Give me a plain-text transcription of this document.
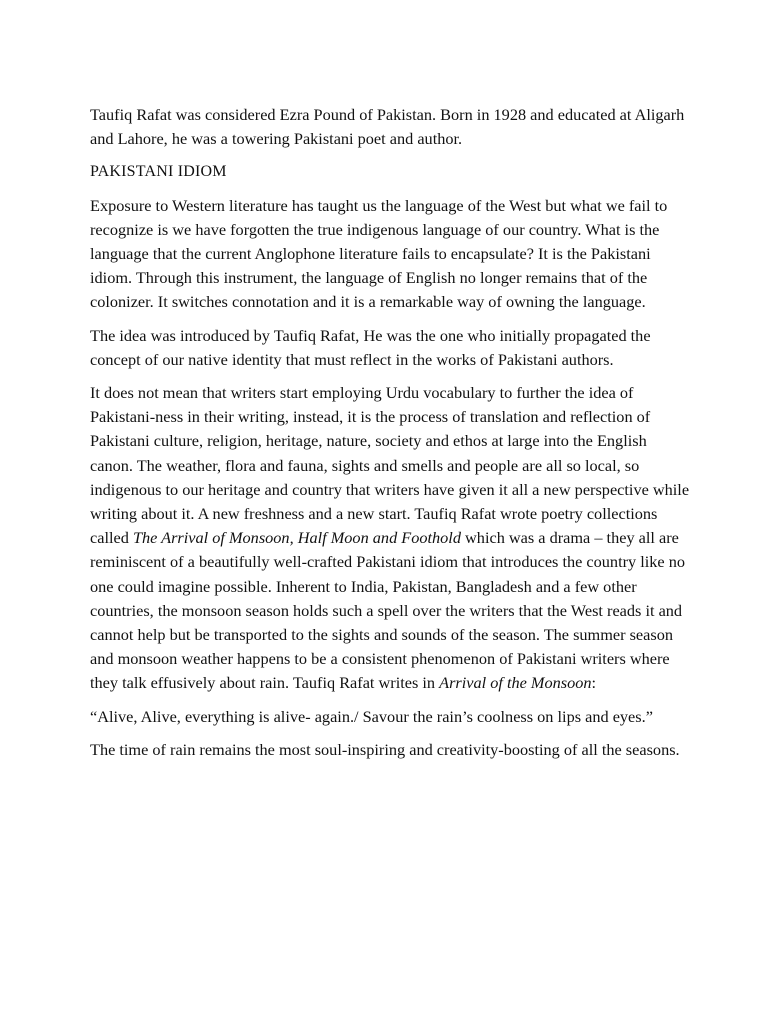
Taufiq Rafat was considered Ezra Pound of Pakistan. Born in 1928 and educated at Aligarh and Lahore, he was a towering Pakistani poet and author.

PAKISTANI IDIOM

Exposure to Western literature has taught us the language of the West but what we fail to recognize is we have forgotten the true indigenous language of our country. What is the language that the current Anglophone literature fails to encapsulate? It is the Pakistani idiom. Through this instrument, the language of English no longer remains that of the colonizer. It switches connotation and it is a remarkable way of owning the language.

The idea was introduced by Taufiq Rafat, He was the one who initially propagated the concept of our native identity that must reflect in the works of Pakistani authors.

It does not mean that writers start employing Urdu vocabulary to further the idea of Pakistani-ness in their writing, instead, it is the process of translation and reflection of Pakistani culture, religion, heritage, nature, society and ethos at large into the English canon. The weather, flora and fauna, sights and smells and people are all so local, so indigenous to our heritage and country that writers have given it all a new perspective while writing about it. A new freshness and a new start. Taufiq Rafat wrote poetry collections called The Arrival of Monsoon, Half Moon and Foothold which was a drama – they all are reminiscent of a beautifully well-crafted Pakistani idiom that introduces the country like no one could imagine possible. Inherent to India, Pakistan, Bangladesh and a few other countries, the monsoon season holds such a spell over the writers that the West reads it and cannot help but be transported to the sights and sounds of the season. The summer season and monsoon weather happens to be a consistent phenomenon of Pakistani writers where they talk effusively about rain. Taufiq Rafat writes in Arrival of the Monsoon:

“Alive, Alive, everything is alive- again./ Savour the rain’s coolness on lips and eyes.”

The time of rain remains the most soul-inspiring and creativity-boosting of all the seasons.
